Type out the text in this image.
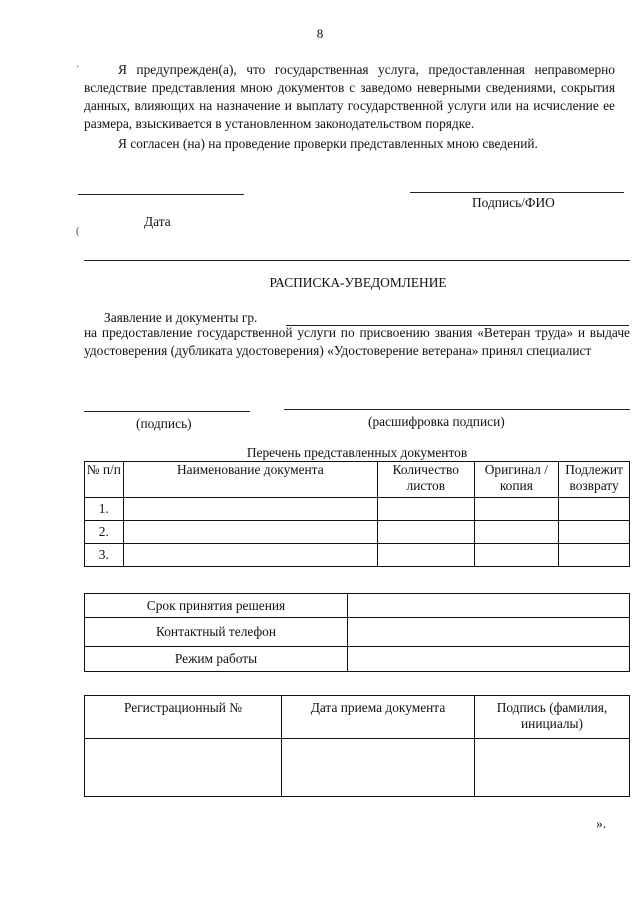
8
·	Я предупрежден(а), что государственная услуга, предоставленная неправомерно вследствие представления мною документов с заведомо неверными сведениями, сокрытия данных, влияющих на назначение и выплату государственной услуги или на исчисление ее размера, взыскивается в установленном законодательством порядке.

Я согласен (на) на проведение проверки представленных мною сведений.

Подпись/ФИО
Дата
(
РАСПИСКА-УВЕДОМЛЕНИЕ
Заявление и документы гр.
на предоставление государственной услуги по присвоению звания «Ветеран труда» и выдаче удостоверения (дубликата удостоверения) «Удостоверение ветерана» принял специалист
(подпись)	(расшифровка подписи)
Перечень представленных документов
№ п/п	Наименование документа	Количество листов	Оригинал /копия	Подлежит возврату
1.				
2.				
3.				
Срок принятия решения	
Контактный телефон	
Режим работы	
Регистрационный №	Дата приема документа	Подпись (фамилия, инициалы)

».
